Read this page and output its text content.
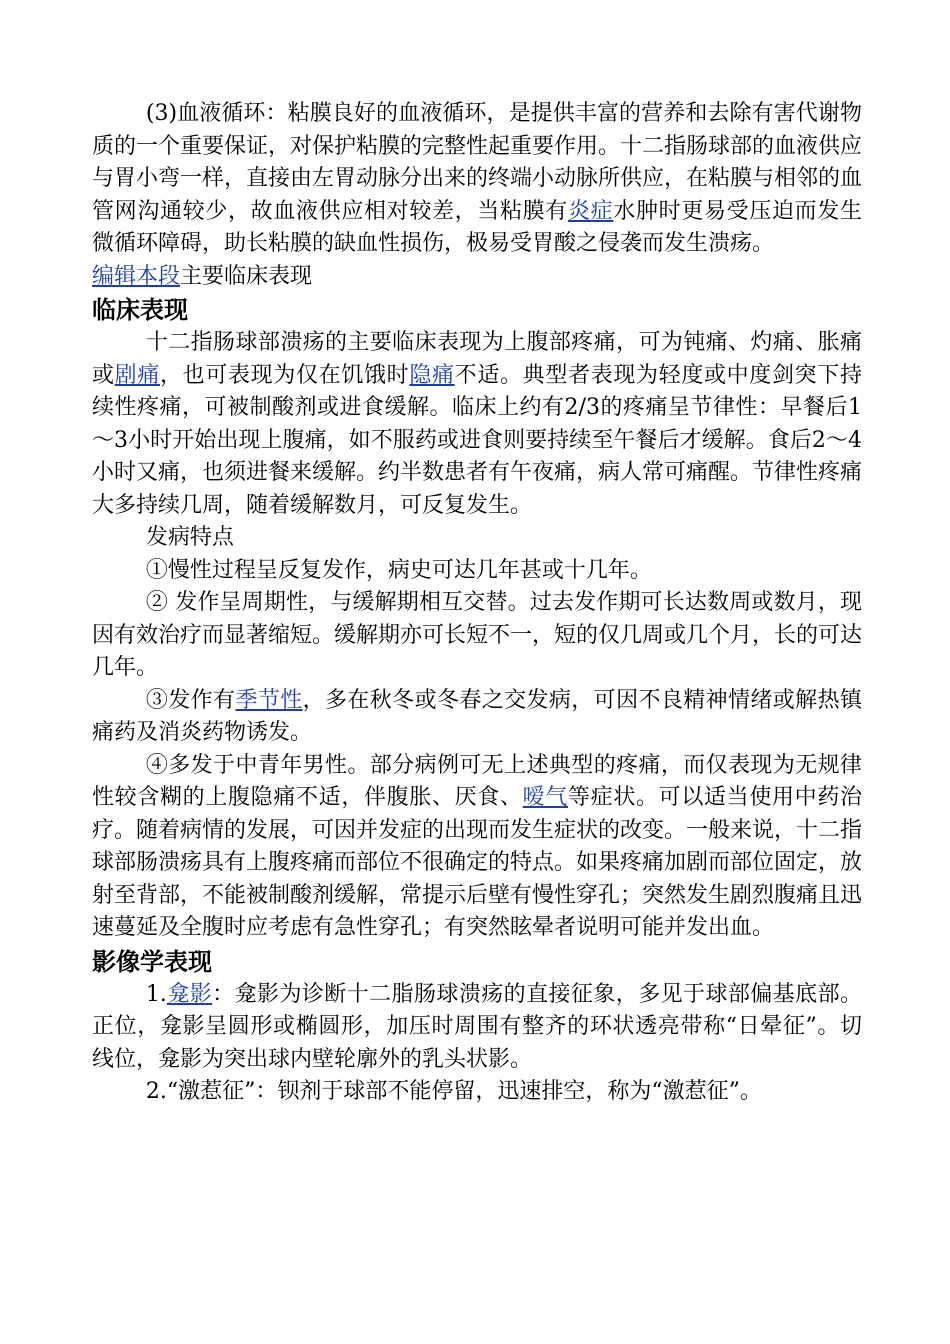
(3)血液循环：粘膜良好的血液循环，是提供丰富的营养和去除有害代谢物质的一个重要保证，对保护粘膜的完整性起重要作用。十二指肠球部的血液供应与胃小弯一样，直接由左胃动脉分出来的终端小动脉所供应，在粘膜与相邻的血管网沟通较少，故血液供应相对较差，当粘膜有炎症水肿时更易受压迫而发生微循环障碍，助长粘膜的缺血性损伤，极易受胃酸之侵袭而发生溃疡。

编辑本段主要临床表现

临床表现

十二指肠球部溃疡的主要临床表现为上腹部疼痛，可为钝痛、灼痛、胀痛或剧痛，也可表现为仅在饥饿时隐痛不适。典型者表现为轻度或中度剑突下持续性疼痛，可被制酸剂或进食缓解。临床上约有2/3的疼痛呈节律性：早餐后1～3小时开始出现上腹痛，如不服药或进食则要持续至午餐后才缓解。食后2～4小时又痛，也须进餐来缓解。约半数患者有午夜痛，病人常可痛醒。节律性疼痛大多持续几周，随着缓解数月，可反复发生。

发病特点

①慢性过程呈反复发作，病史可达几年甚或十几年。

② 发作呈周期性，与缓解期相互交替。过去发作期可长达数周或数月，现因有效治疗而显著缩短。缓解期亦可长短不一，短的仅几周或几个月，长的可达几年。

③发作有季节性，多在秋冬或冬春之交发病，可因不良精神情绪或解热镇痛药及消炎药物诱发。

④多发于中青年男性。部分病例可无上述典型的疼痛，而仅表现为无规律性较含糊的上腹隐痛不适，伴腹胀、厌食、嗳气等症状。可以适当使用中药治疗。随着病情的发展，可因并发症的出现而发生症状的改变。一般来说，十二指球部肠溃疡具有上腹疼痛而部位不很确定的特点。如果疼痛加剧而部位固定，放射至背部，不能被制酸剂缓解，常提示后壁有慢性穿孔；突然发生剧烈腹痛且迅速蔓延及全腹时应考虑有急性穿孔；有突然眩晕者说明可能并发出血。

影像学表现

1.龛影：龛影为诊断十二脂肠球溃疡的直接征象，多见于球部偏基底部。正位，龛影呈圆形或椭圆形，加压时周围有整齐的环状透亮带称“日晕征”。切线位，龛影为突出球内壁轮廓外的乳头状影。

2.“激惹征”：钡剂于球部不能停留，迅速排空，称为“激惹征”。
